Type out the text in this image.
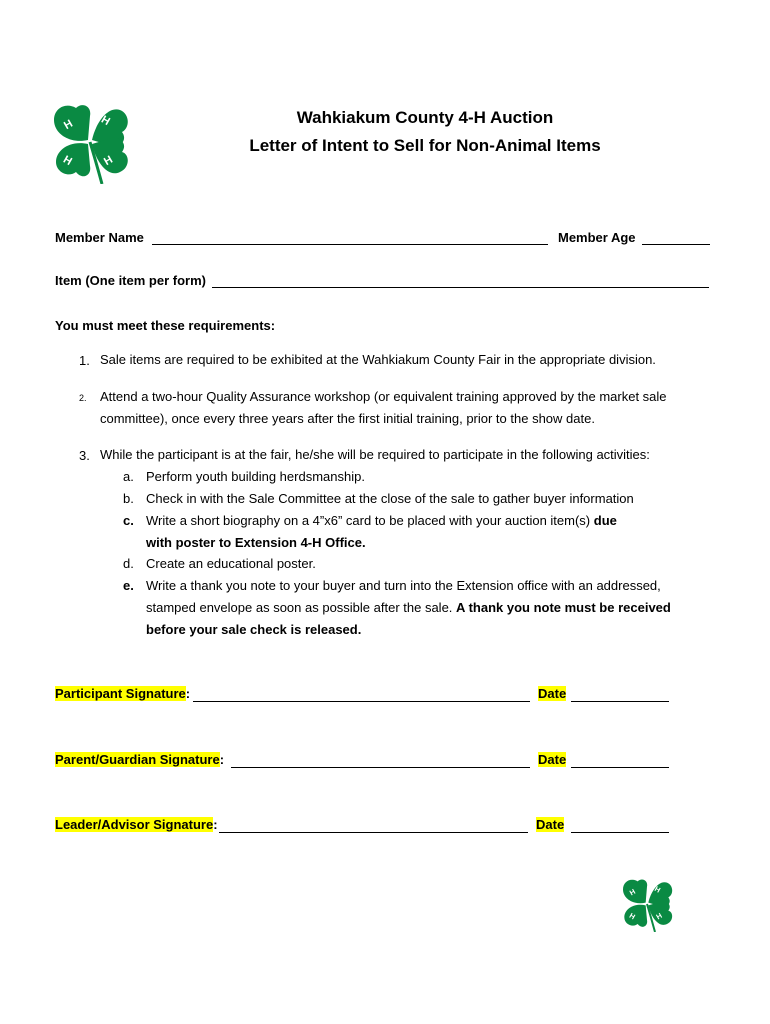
H H
H	H
Wahkiakum County 4-H Auction
Letter of Intent to Sell for Non-Animal Items
Member Name	Member Age
Item (One item per form)
You must meet these requirements:
1. Sale items are required to be exhibited at the Wahkiakum County Fair in the appropriate division.
2. Attend a two-hour Quality Assurance workshop (or equivalent training approved by the market sale
committee), once every three years after the first initial training, prior to the show date.
3. While the participant is at the fair, he/she will be required to participate in the following activities:
a. Perform youth building herdsmanship.
b. Check in with the Sale Committee at the close of the sale to gather buyer information
c. Write a short biography on a 4”x6” card to be placed with your auction item(s) due
with poster to Extension 4-H Office.
d. Create an educational poster.
e. Write a thank you note to your buyer and turn into the Extension office with an addressed,
stamped envelope as soon as possible after the sale. A thank you note must be received
before your sale check is released.
Participant Signature:	Date
Parent/Guardian Signature:	Date
Leader/Advisor Signature:	Date
H H
H H
